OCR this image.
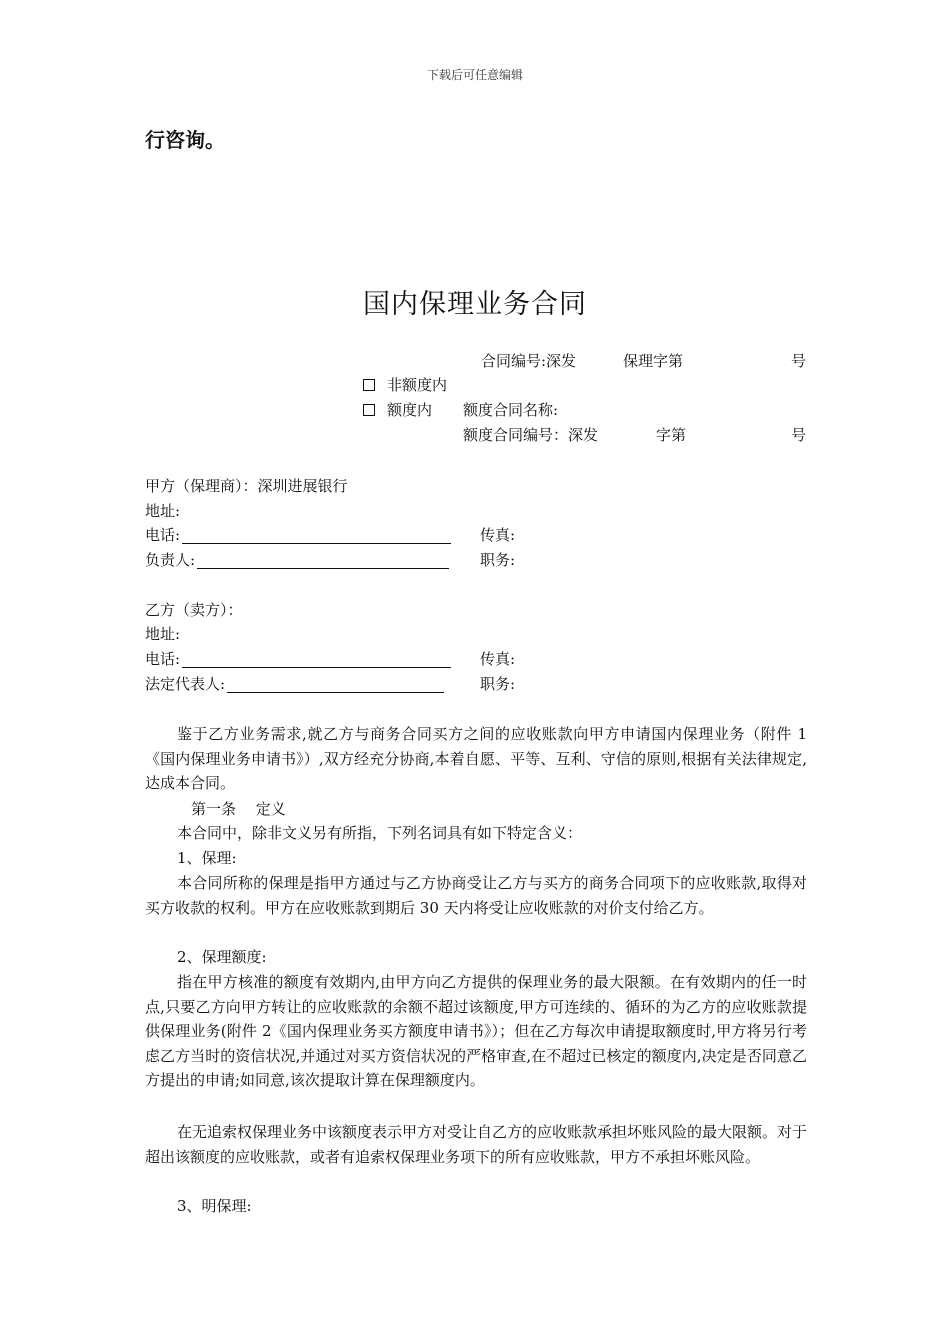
下载后可任意编辑
行咨询。
国内保理业务合同
合同编号:深发	保理字第	号
非额度内
额度内 额度合同名称:
额度合同编号：深发	字第	号
甲方（保理商）：深圳进展银行
地址:
电话:	传真:
负责人:	职务:
乙方（卖方）：
地址:
电话:	传真:
法定代表人:	职务:
鉴于乙方业务需求,就乙方与商务合同买方之间的应收账款向甲方申请国内保理业务（附件 1《国内保理业务申请书》）,双方经充分协商,本着自愿、平等、互利、守信的原则,根据有关法律规定,达成本合同。
第一条　 定义
本合同中，除非文义另有所指，下列名词具有如下特定含义：
1、保理:
本合同所称的保理是指甲方通过与乙方协商受让乙方与买方的商务合同项下的应收账款,取得对买方收款的权利。甲方在应收账款到期后 30 天内将受让应收账款的对价支付给乙方。
2、保理额度:
指在甲方核准的额度有效期内,由甲方向乙方提供的保理业务的最大限额。在有效期内的任一时点,只要乙方向甲方转让的应收账款的余额不超过该额度,甲方可连续的、循环的为乙方的应收账款提供保理业务(附件 2《国内保理业务买方额度申请书》）；但在乙方每次申请提取额度时,甲方将另行考虑乙方当时的资信状况,并通过对买方资信状况的严格审查,在不超过已核定的额度内,决定是否同意乙方提出的申请;如同意,该次提取计算在保理额度内。
在无追索权保理业务中该额度表示甲方对受让自乙方的应收账款承担坏账风险的最大限额。对于超出该额度的应收账款，或者有追索权保理业务项下的所有应收账款，甲方不承担坏账风险。
3、明保理:
